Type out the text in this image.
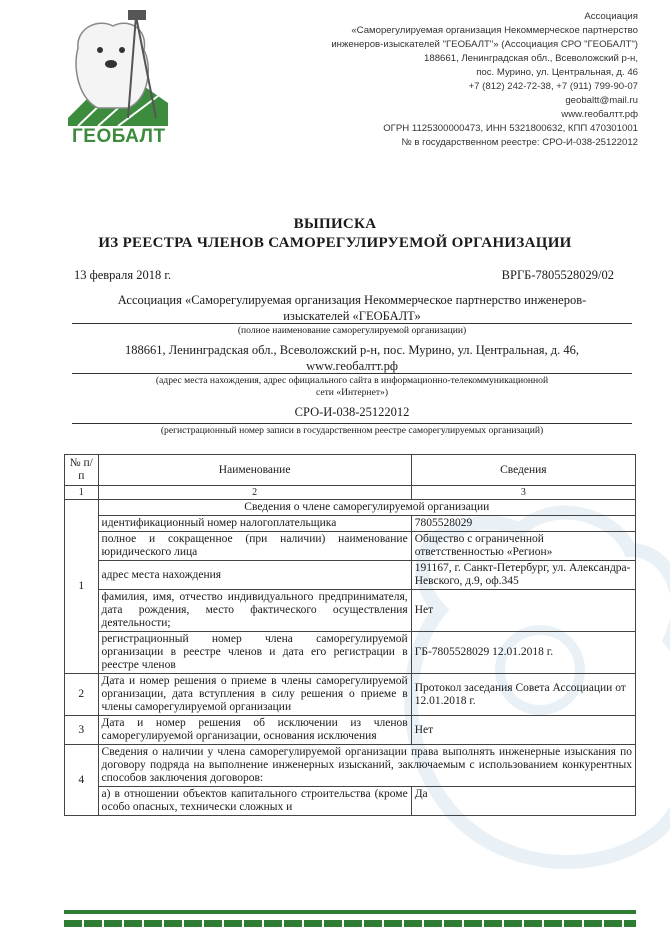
ГЕОБАЛТ
Ассоциация
«Саморегулируемая организация Некоммерческое партнерство
инженеров-изыскателей "ГЕОБАЛТ"» (Ассоциация СРО "ГЕОБАЛТ")
188661, Ленинградская обл., Всеволожский р-н,
пос. Мурино, ул. Центральная, д. 46
+7 (812) 242-72-38, +7 (911) 799-90-07
geobaltt@mail.ru
www.геобалтт.рф
ОГРН 1125300000473, ИНН 5321800632, КПП 470301001
№ в государственном реестре: СРО-И-038-25122012
ВЫПИСКА
ИЗ РЕЕСТРА ЧЛЕНОВ САМОРЕГУЛИРУЕМОЙ ОРГАНИЗАЦИИ
13 февраля 2018 г.	ВРГБ-7805528029/02
Ассоциация «Саморегулируемая организация Некоммерческое партнерство инженеров-
изыскателей «ГЕОБАЛТ»
(полное наименование саморегулируемой организации)
188661, Ленинградская обл., Всеволожский р-н, пос. Мурино, ул. Центральная, д. 46,
www.геобалтт.рф
(адрес места нахождения, адрес официального сайта в информационно-телекоммуникационной
сети «Интернет»)
СРО-И-038-25122012
(регистрационный номер записи в государственном реестре саморегулируемых организаций)
№ п/п	Наименование	Сведения
1	2	3
1	Сведения о члене саморегулируемой организации	
	идентификационный номер налогоплательщика	7805528029
	полное и сокращенное (при наличии) наименование юридического лица	Общество с ограниченной ответственностью «Регион»
	адрес места нахождения	191167, г. Санкт-Петербург, ул. Александра-Невского, д.9, оф.345
	фамилия, имя, отчество индивидуального предпринимателя, дата рождения, место фактического осуществления деятельности;	Нет
	регистрационный номер члена саморегулируемой организации в реестре членов и дата его регистрации в реестре членов	ГБ-7805528029 12.01.2018 г.
2	Дата и номер решения о приеме в члены саморегулируемой организации, дата вступления в силу решения о приеме в члены саморегулируемой организации	Протокол заседания Совета Ассоциации от 12.01.2018 г.
3	Дата и номер решения об исключении из членов саморегулируемой организации, основания исключения	Нет
4	Сведения о наличии у члена саморегулируемой организации права выполнять инженерные изыскания по договору подряда на выполнение инженерных изысканий, заключаемым с использованием конкурентных способов заключения договоров:	
	а) в отношении объектов капитального строительства (кроме особо опасных, технически сложных и	Да
